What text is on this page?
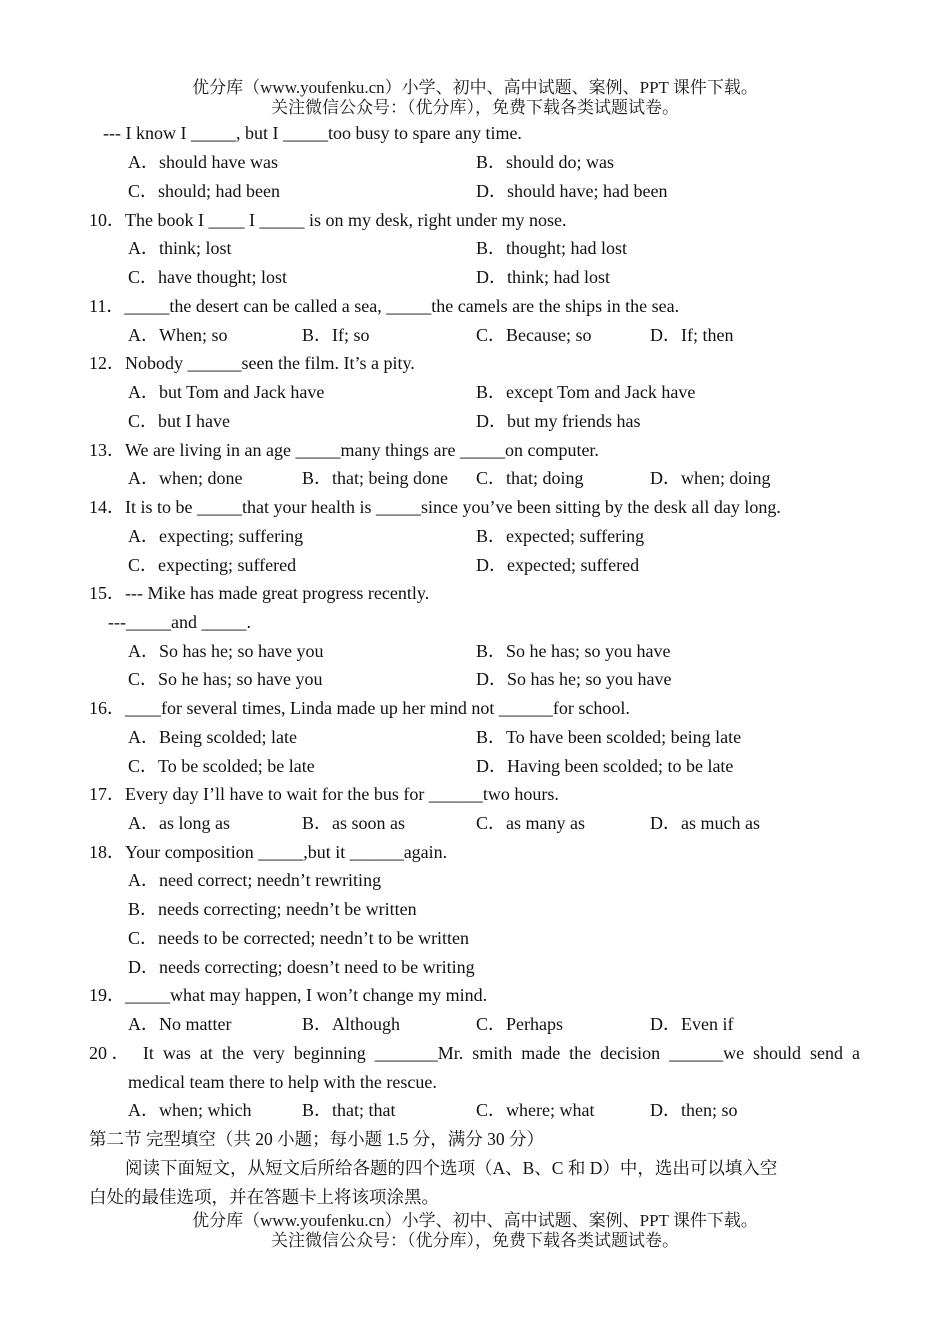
优分库（www.youfenku.cn）小学、初中、高中试题、案例、PPT 课件下载。
关注微信公众号：（优分库），免费下载各类试题试卷。
--- I know I _____, but I _____too busy to spare any time.
A．should have was	B．should do; was
C．should; had been	D．should have; had been
10．The book I ____ I _____ is on my desk, right under my nose.
A．think; lost	B．thought; had lost
C．have thought; lost	D．think; had lost
11．_____the desert can be called a sea, _____the camels are the ships in the sea.
A．When; so	B．If; so	C．Because; so	D．If; then
12．Nobody ______seen the film. It’s a pity.
A．but Tom and Jack have	B．except Tom and Jack have
C．but I have	D．but my friends has
13．We are living in an age _____many things are _____on computer.
A．when; done	B．that; being done C．that; doing	D．when; doing
14．It is to be _____that your health is _____since you’ve been sitting by the desk all day long.
A．expecting; suffering	B．expected; suffering
C．expecting; suffered	D．expected; suffered
15．--- Mike has made great progress recently.
---_____and _____.
A．So has he; so have you	B．So he has; so you have
C．So he has; so have you	D．So has he; so you have
16．____for several times, Linda made up her mind not ______for school.
A．Being scolded; late	B．To have been scolded; being late
C．To be scolded; be late	D．Having been scolded; to be late
17．Every day I’ll have to wait for the bus for ______two hours.
A．as long as	B．as soon as	C．as many as	D．as much as
18．Your composition _____,but it ______again.
A．need correct; needn’t rewriting
B．needs correcting; needn’t be written
C．needs to be corrected; needn’t to be written
D．needs correcting; doesn’t need to be writing
19．_____what may happen, I won’t change my mind.
A．No matter	B．Although	C．Perhaps	D．Even if
20． It was at the very beginning _______Mr. smith made the decision ______we should send a
medical team there to help with the rescue.
A．when; which	B．that; that	C．where; what	D．then; so
第二节 完型填空（共 20 小题；每小题 1.5 分，满分 30 分）
阅读下面短文，从短文后所给各题的四个选项（A、B、C 和 D）中，选出可以填入空
白处的最佳选项，并在答题卡上将该项涂黑。
优分库（www.youfenku.cn）小学、初中、高中试题、案例、PPT 课件下载。
关注微信公众号：（优分库），免费下载各类试题试卷。
